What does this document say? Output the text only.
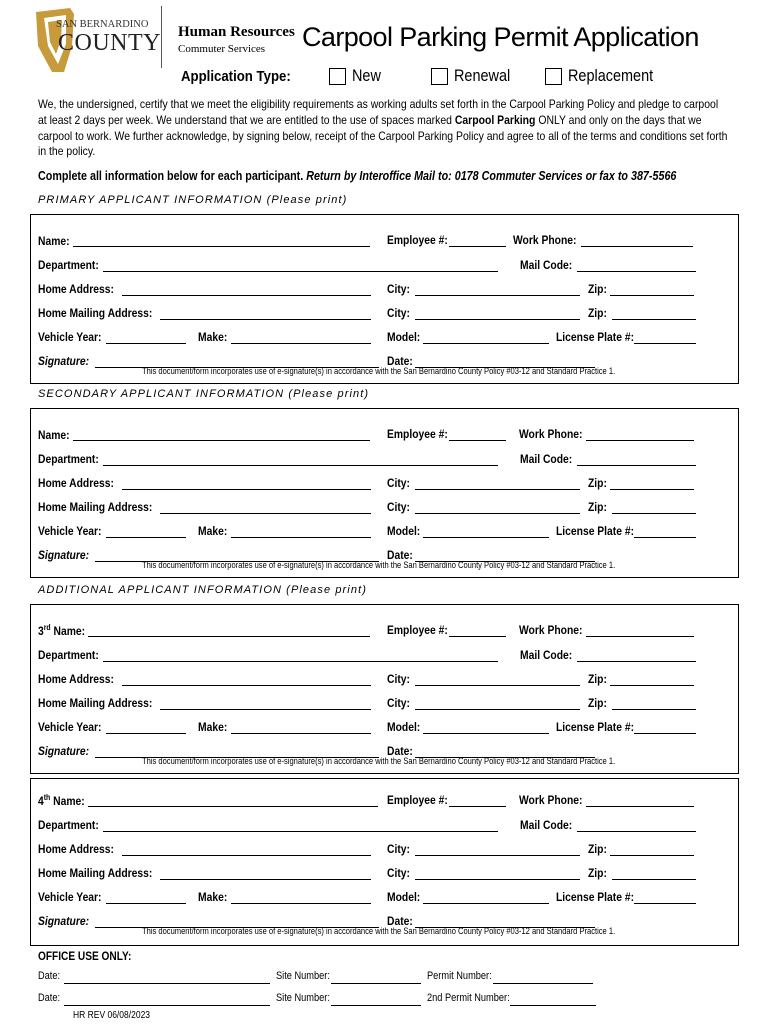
SAN BERNARDINO
COUNTY Human Resources
Commuter Services Carpool Parking Permit Application
Application Type:	New	Renewal	Replacement

We, the undersigned, certify that we meet the eligibility requirements as working adults set forth in the Carpool Parking Policy and pledge to carpool at least 2 days per week. We understand that we are entitled to the use of spaces marked Carpool Parking ONLY and only on the days that we carpool to work. We further acknowledge, by signing below, receipt of the Carpool Parking Policy and agree to all of the terms and conditions set forth in the policy.

Complete all information below for each participant. Return by Interoffice Mail to: 0178 Commuter Services or fax to 387-5566
PRIMARY APPLICANT INFORMATION (Please print)
Name:	Employee #:	Work Phone:
Department:	Mail Code:
Home Address:	City:	Zip:
Home Mailing Address:	City:	Zip:
Vehicle Year:	Make:	Model:	License Plate #:
Signature:	Date:
This document/form incorporates use of e-signature(s) in accordance with the San Bernardino County Policy #03-12 and Standard Practice 1.
SECONDARY APPLICANT INFORMATION (Please print)
Name:	Employee #:	Work Phone:
Department:	Mail Code:
Home Address:	City:	Zip:
Home Mailing Address:	City:	Zip:
Vehicle Year:	Make:	Model:	License Plate #:
Signature:	Date:
This document/form incorporates use of e-signature(s) in accordance with the San Bernardino County Policy #03-12 and Standard Practice 1.
ADDITIONAL APPLICANT INFORMATION (Please print)
3rd Name:	Employee #:	Work Phone:
Department:	Mail Code:
Home Address:	City:	Zip:
Home Mailing Address:	City:	Zip:
Vehicle Year:	Make:	Model:	License Plate #:
Signature:	Date:
This document/form incorporates use of e-signature(s) in accordance with the San Bernardino County Policy #03-12 and Standard Practice 1.
4th Name:	Employee #:	Work Phone:
Department:	Mail Code:
Home Address:	City:	Zip:
Home Mailing Address:	City:	Zip:
Vehicle Year:	Make:	Model:	License Plate #:
Signature:	Date:
This document/form incorporates use of e-signature(s) in accordance with the San Bernardino County Policy #03-12 and Standard Practice 1.
OFFICE USE ONLY:
Date:	Site Number:	Permit Number:
Date:	Site Number:	2nd Permit Number:
HR REV 06/08/2023
